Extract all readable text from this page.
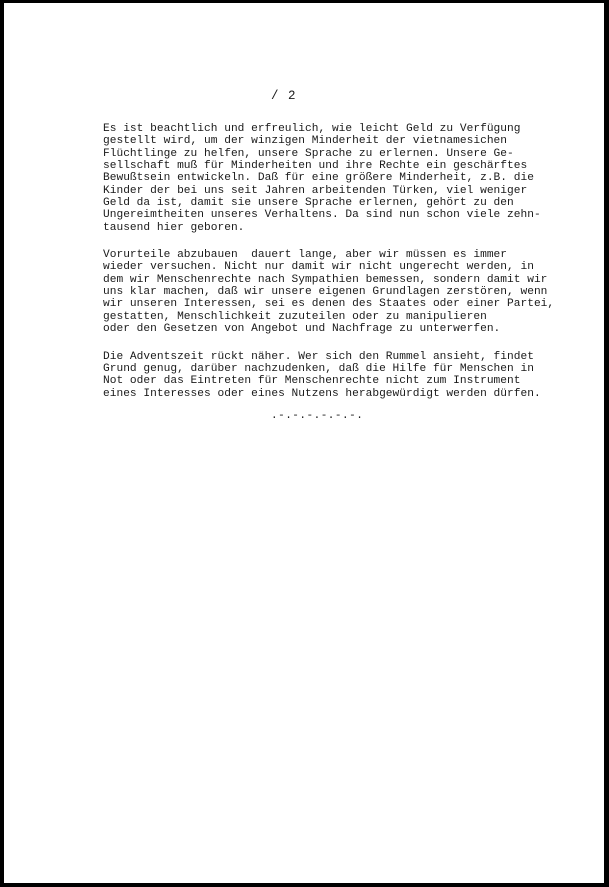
/ 2
Es ist beachtlich und erfreulich, wie leicht Geld zu Verfügung
gestellt wird, um der winzigen Minderheit der vietnamesichen
Flüchtlinge zu helfen, unsere Sprache zu erlernen. Unsere Ge-
sellschaft muß für Minderheiten und ihre Rechte ein geschärftes
Bewußtsein entwickeln. Daß für eine größere Minderheit, z.B. die
Kinder der bei uns seit Jahren arbeitenden Türken, viel weniger
Geld da ist, damit sie unsere Sprache erlernen, gehört zu den
Ungereimtheiten unseres Verhaltens. Da sind nun schon viele zehn-
tausend hier geboren.
Vorurteile abzubauen  dauert lange, aber wir müssen es immer
wieder versuchen. Nicht nur damit wir nicht ungerecht werden, in
dem wir Menschenrechte nach Sympathien bemessen, sondern damit wir
uns klar machen, daß wir unsere eigenen Grundlagen zerstören, wenn
wir unseren Interessen, sei es denen des Staates oder einer Partei,
gestatten, Menschlichkeit zuzuteilen oder zu manipulieren
oder den Gesetzen von Angebot und Nachfrage zu unterwerfen.
Die Adventszeit rückt näher. Wer sich den Rummel ansieht, findet
Grund genug, darüber nachzudenken, daß die Hilfe für Menschen in
Not oder das Eintreten für Menschenrechte nicht zum Instrument
eines Interesses oder eines Nutzens herabgewürdigt werden dürfen.
.-.-.-.-.-.-.
